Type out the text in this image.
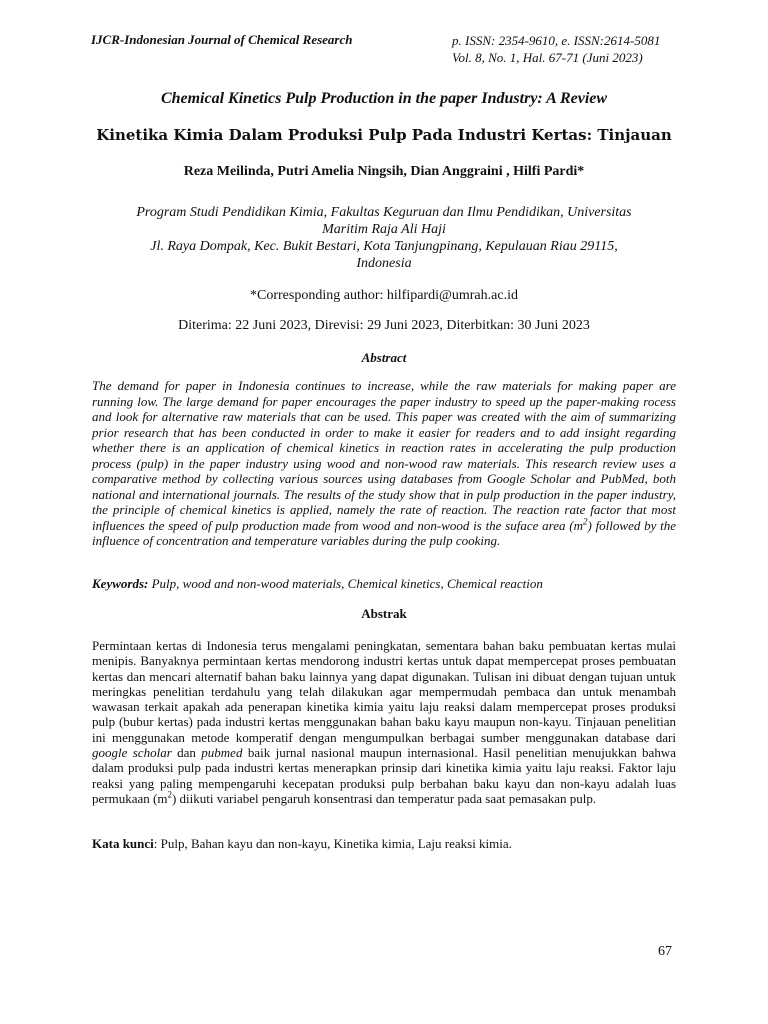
IJCR-Indonesian Journal of Chemical Research	p. ISSN: 2354-9610, e. ISSN:2614-5081
Vol. 8, No. 1, Hal. 67-71 (Juni 2023)
Chemical Kinetics Pulp Production in the paper Industry: A Review
Kinetika Kimia Dalam Produksi Pulp Pada Industri Kertas: Tinjauan
Reza Meilinda, Putri Amelia Ningsih, Dian Anggraini , Hilfi Pardi*
Program Studi Pendidikan Kimia, Fakultas Keguruan dan Ilmu Pendidikan, Universitas
Maritim Raja Ali Haji
Jl. Raya Dompak, Kec. Bukit Bestari, Kota Tanjungpinang, Kepulauan Riau 29115,
Indonesia
*Corresponding author: hilfipardi@umrah.ac.id
Diterima: 22 Juni 2023, Direvisi: 29 Juni 2023, Diterbitkan: 30 Juni 2023
Abstract
The demand for paper in Indonesia continues to increase, while the raw materials for making paper are running low. The large demand for paper encourages the paper industry to speed up the paper-making rocess and look for alternative raw materials that can be used. This paper was created with the aim of summarizing prior research that has been conducted in order to make it easier for readers and to add insight regarding whether there is an application of chemical kinetics in reaction rates in accelerating the pulp production process (pulp) in the paper industry using wood and non-wood raw materials. This research review uses a comparative method by collecting various sources using databases from Google Scholar and PubMed, both national and international journals. The results of the study show that in pulp production in the paper industry, the principle of chemical kinetics is applied, namely the rate of reaction. The reaction rate factor that most influences the speed of pulp production made from wood and non-wood is the suface area $(m^2)$ followed by the influence of concentration and temperature variables during the pulp cooking.
Keywords: Pulp, wood and non-wood materials, Chemical kinetics, Chemical reaction
Abstrak
Permintaan kertas di Indonesia terus mengalami peningkatan, sementara bahan baku pembuatan kertas mulai menipis. Banyaknya permintaan kertas mendorong industri kertas untuk dapat mempercepat proses pembuatan kertas dan mencari alternatif bahan baku lainnya yang dapat digunakan. Tulisan ini dibuat dengan tujuan untuk meringkas penelitian terdahulu yang telah dilakukan agar mempermudah pembaca dan untuk menambah wawasan terkait apakah ada penerapan kinetika kimia yaitu laju reaksi dalam mempercepat proses produksi pulp (bubur kertas) pada industri kertas menggunakan bahan baku kayu maupun non-kayu. Tinjauan penelitian ini menggunakan metode komperatif dengan mengumpulkan berbagai sumber menggunakan database dari google scholar dan pubmed baik jurnal nasional maupun internasional. Hasil penelitian menujukkan bahwa dalam produksi pulp pada industri kertas menerapkan prinsip dari kinetika kimia yaitu laju reaksi. Faktor laju reaksi yang paling mempengaruhi kecepatan produksi pulp berbahan baku kayu dan non-kayu adalah luas permukaan $(m^2)$ diikuti variabel pengaruh konsentrasi dan temperatur pada saat pemasakan pulp.
Kata kunci: Pulp, Bahan kayu dan non-kayu, Kinetika kimia, Laju reaksi kimia.
67
